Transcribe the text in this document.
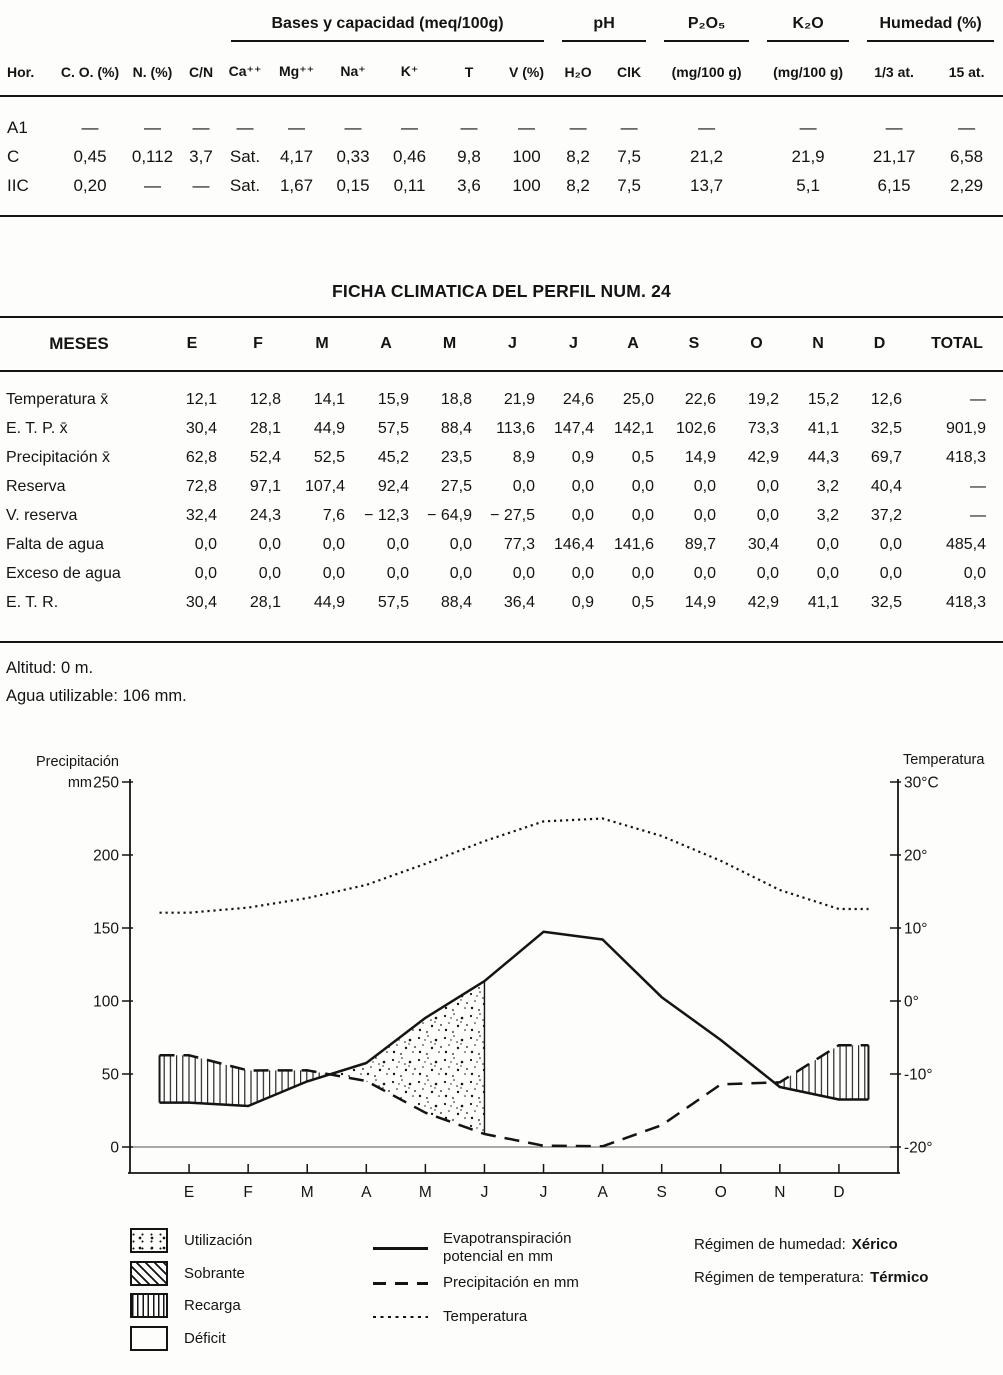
				Bases y capacidad (meq/100g)						pH		P₂O₅	K₂O	Humedad (%)	

Hor.	C. O. (%)	N. (%)	C/N	Ca⁺⁺	Mg⁺⁺	Na⁺	K⁺	T	V (%)	H₂O	ClK	(mg/100 g)	(mg/100 g)	1/3 at.	15 at.
A1	—	—	—	—	—	—	—	—	—	—	—	—	—	—	—
C	0,45	0,112	3,7	Sat.	4,17	0,33	0,46	9,8	100	8,2	7,5	21,2	21,9	21,17	6,58
IIC	0,20	—	—	Sat.	1,67	0,15	0,11	3,6	100	8,2	7,5	13,7	5,1	6,15	2,29
FICHA CLIMATICA DEL PERFIL NUM. 24
MESES	E	F	M	A	M	J	J	A	S	O	N	D	TOTAL
Temperatura x̄	12,1	12,8	14,1	15,9	18,8	21,9	24,6	25,0	22,6	19,2	15,2	12,6	—
E. T. P. x̄	30,4	28,1	44,9	57,5	88,4	113,6	147,4	142,1	102,6	73,3	41,1	32,5	901,9
Precipitación x̄	62,8	52,4	52,5	45,2	23,5	8,9	0,9	0,5	14,9	42,9	44,3	69,7	418,3
Reserva	72,8	97,1	107,4	92,4	27,5	0,0	0,0	0,0	0,0	0,0	3,2	40,4	—
V. reserva	32,4	24,3	7,6	− 12,3	− 64,9	− 27,5	0,0	0,0	0,0	0,0	3,2	37,2	—
Falta de agua	0,0	0,0	0,0	0,0	0,0	77,3	146,4	141,6	89,7	30,4	0,0	0,0	485,4
Exceso de agua	0,0	0,0	0,0	0,0	0,0	0,0	0,0	0,0	0,0	0,0	0,0	0,0	0,0
E. T. R.	30,4	28,1	44,9	57,5	88,4	36,4	0,9	0,5	14,9	42,9	41,1	32,5	418,3
Altitud: 0 m.
Agua utilizable: 106 mm.
Precipitación
mm 250
200
150
100
50
0
Temperatura
30°C
20°
10°
0°
-10°
-20°
E	F	M	A	M	J	J	A	S	O	N	D
Régimen de humedad: Xérico
Régimen de temperatura: Térmico
Utilización
Sobrante
Recarga
Déficit
Evapotranspiración potencial en mm
Precipitación en mm
Temperatura
